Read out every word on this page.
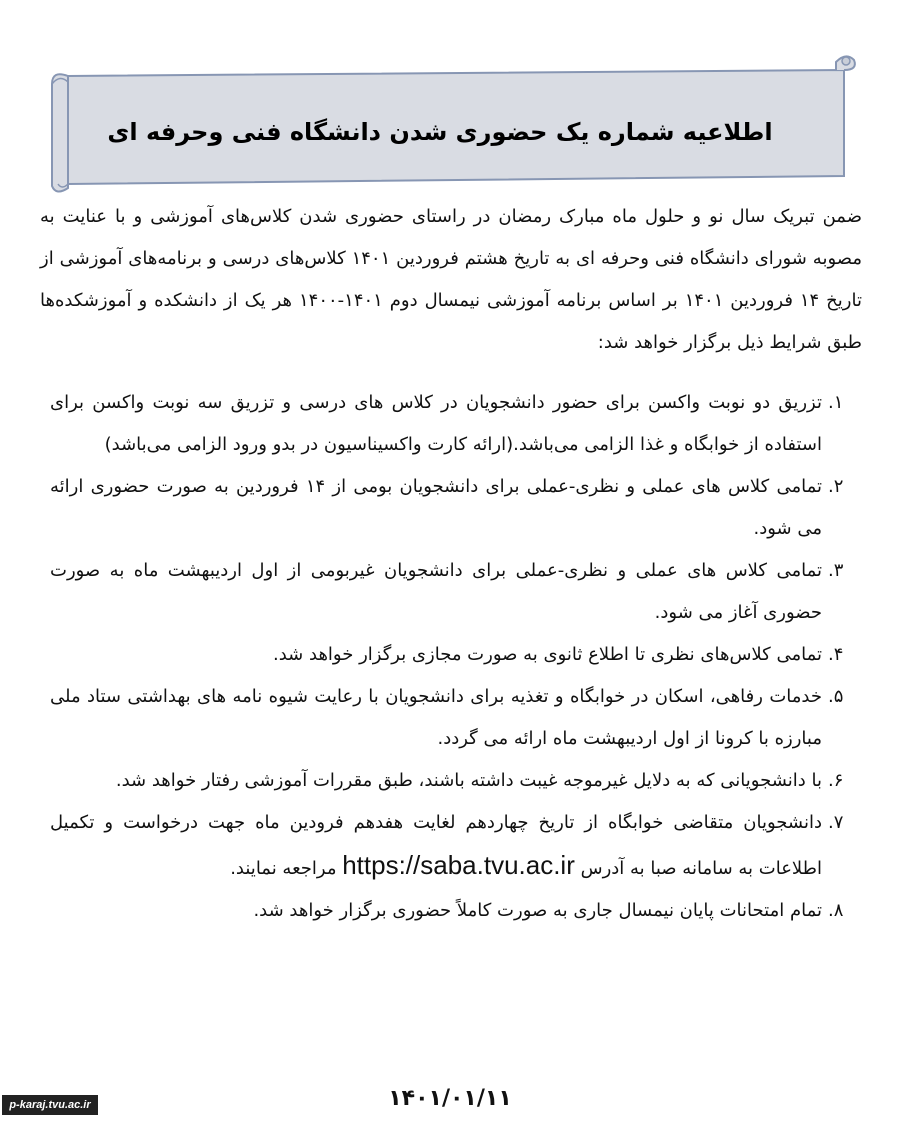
اطلاعیه شماره یک حضوری شدن دانشگاه فنی وحرفه ای
ضمن تبریک سال نو و حلول ماه مبارک رمضان در راستای حضوری شدن کلاس‌های آموزشی و با عنایت به مصوبه شورای دانشگاه فنی وحرفه ای به تاریخ هشتم فروردین ۱۴۰۱ کلاس‌های درسی و برنامه‌های آموزشی از تاریخ ۱۴ فروردین ۱۴۰۱ بر اساس برنامه آموزشی نیمسال دوم ۱۴۰۱-۱۴۰۰ هر یک از دانشکده و آموزشکده‌ها طبق شرایط ذیل برگزار خواهد شد:
۱.
تزریق دو نوبت واکسن برای حضور دانشجویان در کلاس های درسی و تزریق سه نوبت واکسن برای استفاده از خوابگاه و غذا الزامی می‌باشد.(ارائه کارت واکسیناسیون در بدو ورود الزامی می‌باشد)
۲.
تمامی کلاس های عملی و نظری-عملی برای دانشجویان بومی از ۱۴ فروردین به صورت حضوری ارائه می شود.
۳.
تمامی کلاس های عملی و نظری-عملی برای دانشجویان غیربومی از اول اردیبهشت ماه به صورت حضوری آغاز می شود.
۴.
تمامی کلاس‌های نظری تا اطلاع ثانوی به صورت مجازی برگزار خواهد شد.
۵.
خدمات رفاهی، اسکان در خوابگاه و تغذیه برای دانشجویان با رعایت شیوه نامه های بهداشتی ستاد ملی مبارزه با کرونا از اول اردیبهشت ماه ارائه می گردد.
۶.
با دانشجویانی که به دلایل غیرموجه غیبت داشته باشند، طبق مقررات آموزشی رفتار خواهد شد.
۷.
دانشجویان متقاضی خوابگاه از تاریخ چهاردهم لغایت هفدهم فرودین ماه جهت درخواست و تکمیل اطلاعات به سامانه صبا به آدرس https://saba.tvu.ac.ir مراجعه نمایند.
۸.
تمام امتحانات پایان نیمسال جاری به صورت کاملاً حضوری برگزار خواهد شد.
۱۴۰۱/۰۱/۱۱
p-karaj.tvu.ac.ir
